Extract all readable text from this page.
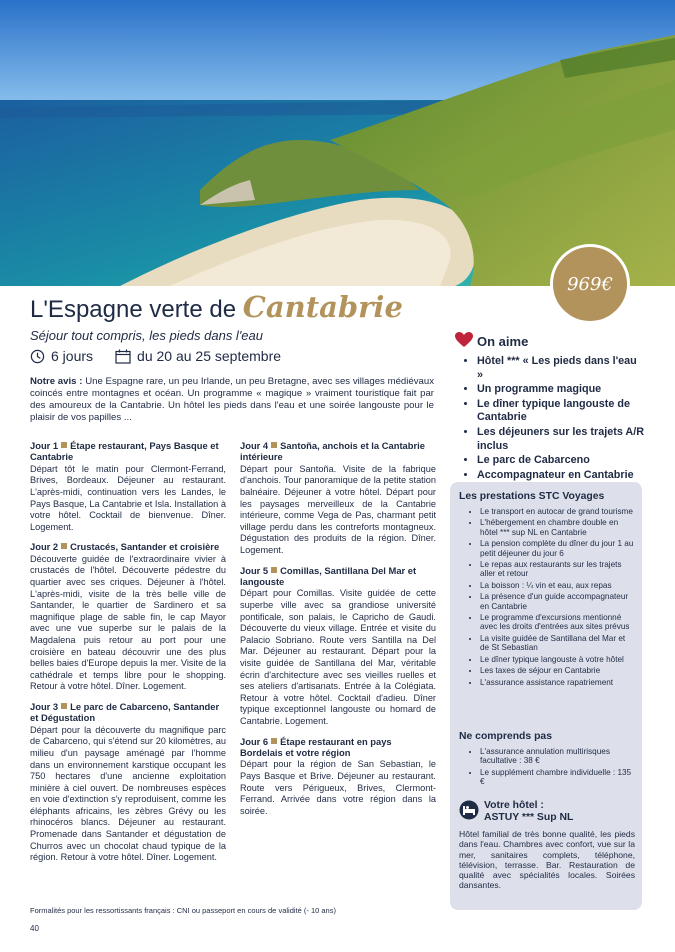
969€
L'Espagne verte de Cantabrie
Séjour tout compris, les pieds dans l'eau
6 jours	du 20 au 25 septembre
Notre avis : Une Espagne rare, un peu Irlande, un peu Bretagne, avec ses villages médiévaux coincés entre montagnes et océan. Un programme « magique » vraiment touristique fait par des amoureux de la Cantabrie. Un hôtel les pieds dans l'eau et une soirée langouste pour le plaisir de vos papilles ...
Jour 1 Étape restaurant, Pays Basque et Cantabrie

Départ tôt le matin pour Clermont-Ferrand, Brives, Bordeaux. Déjeuner au restaurant. L'après-midi, continuation vers les Landes, le Pays Basque, La Cantabrie et Isla. Installation à votre hôtel. Cocktail de bienvenue. Dîner. Logement.

Jour 2 Crustacés, Santander et croisière

Découverte guidée de l'extraordinaire vivier à crustacés de l'hôtel. Découverte pédestre du quartier avec ses criques. Déjeuner à l'hôtel. L'après-midi, visite de la très belle ville de Santander, le quartier de Sardinero et sa magnifique plage de sable fin, le cap Mayor avec une vue superbe sur le palais de la Magdalena puis retour au port pour une croisière en bateau découvrir une des plus belles baies d'Europe depuis la mer. Visite de la cathédrale et temps libre pour le shopping. Retour à votre hôtel. Dîner. Logement.

Jour 3 Le parc de Cabarceno, Santander et Dégustation

Départ pour la découverte du magnifique parc de Cabarceno, qui s'étend sur 20 kilomètres, au milieu d'un paysage aménagé par l'homme dans un environnement karstique occupant les 750 hectares d'une ancienne exploitation minière à ciel ouvert. De nombreuses espèces en voie d'extinction s'y reproduisent, comme les éléphants africains, les zèbres Grévy ou les rhinocéros blancs. Déjeuner au restaurant. Promenade dans Santander et dégustation de Churros avec un chocolat chaud typique de la région. Retour à votre hôtel. Dîner. Logement.

Jour 4 Santoña, anchois et la Cantabrie intérieure

Départ pour Santoña. Visite de la fabrique d'anchois. Tour panoramique de la petite station balnéaire. Déjeuner à votre hôtel. Départ pour les paysages merveilleux de la Cantabrie intérieure, comme Vega de Pas, charmant petit village perdu dans les contreforts montagneux. Dégustation des produits de la région. Dîner. Logement.

Jour 5 Comillas, Santillana Del Mar et langouste

Départ pour Comillas. Visite guidée de cette superbe ville avec sa grandiose université pontificale, son palais, le Capricho de Gaudi. Découverte du vieux village. Entrée et visite du Palacio Sobriano. Route vers Santilla na Del Mar. Déjeuner au restaurant. Départ pour la visite guidée de Santillana del Mar, véritable écrin d'architecture avec ses vieilles ruelles et ses ateliers d'artisanats. Entrée à la Colégiata. Retour à votre hôtel. Cocktail d'adieu. Dîner typique exceptionnel langouste ou homard de Cantabrie. Logement.

Jour 6 Étape restaurant en pays Bordelais et votre région

Départ pour la région de San Sebastian, le Pays Basque et Brive. Déjeuner au restaurant. Route vers Périgueux, Brives, Clermont-Ferrand. Arrivée dans votre région dans la soirée.

On aime
• Hôtel *** « Les pieds dans l'eau »
• Un programme magique
• Le dîner typique langouste de Cantabrie
• Les déjeuners sur les trajets A/R inclus
• Le parc de Cabarceno
• Accompagnateur en Cantabrie
Les prestations STC Voyages
• Le transport en autocar de grand tourisme
• L'hébergement en chambre double en hôtel *** sup NL en Cantabrie
• La pension complète du dîner du jour 1 au petit déjeuner du jour 6
• Le repas aux restaurants sur les trajets aller et retour
• La boisson : ¼ vin et eau, aux repas
• La présence d'un guide accompagnateur en Cantabrie
• Le programme d'excursions mentionné avec les droits d'entrées aux sites prévus
• La visite guidée de Santillana del Mar et de St Sebastian
• Le dîner typique langouste à votre hôtel
• Les taxes de séjour en Cantabrie
• L'assurance assistance rapatriement
Ne comprends pas
• L'assurance annulation multirisques facultative : 38 €
• Le supplément chambre individuelle : 135 €
Votre hôtel :
ASTUY *** Sup NL

Hôtel familial de très bonne qualité, les pieds dans l'eau. Chambres avec confort, vue sur la mer, sanitaires complets, téléphone, télévision, terrasse. Bar. Restauration de qualité avec spécialités locales. Soirées dansantes.

Formalités pour les ressortissants français : CNI ou passeport en cours de validité (- 10 ans)
40
